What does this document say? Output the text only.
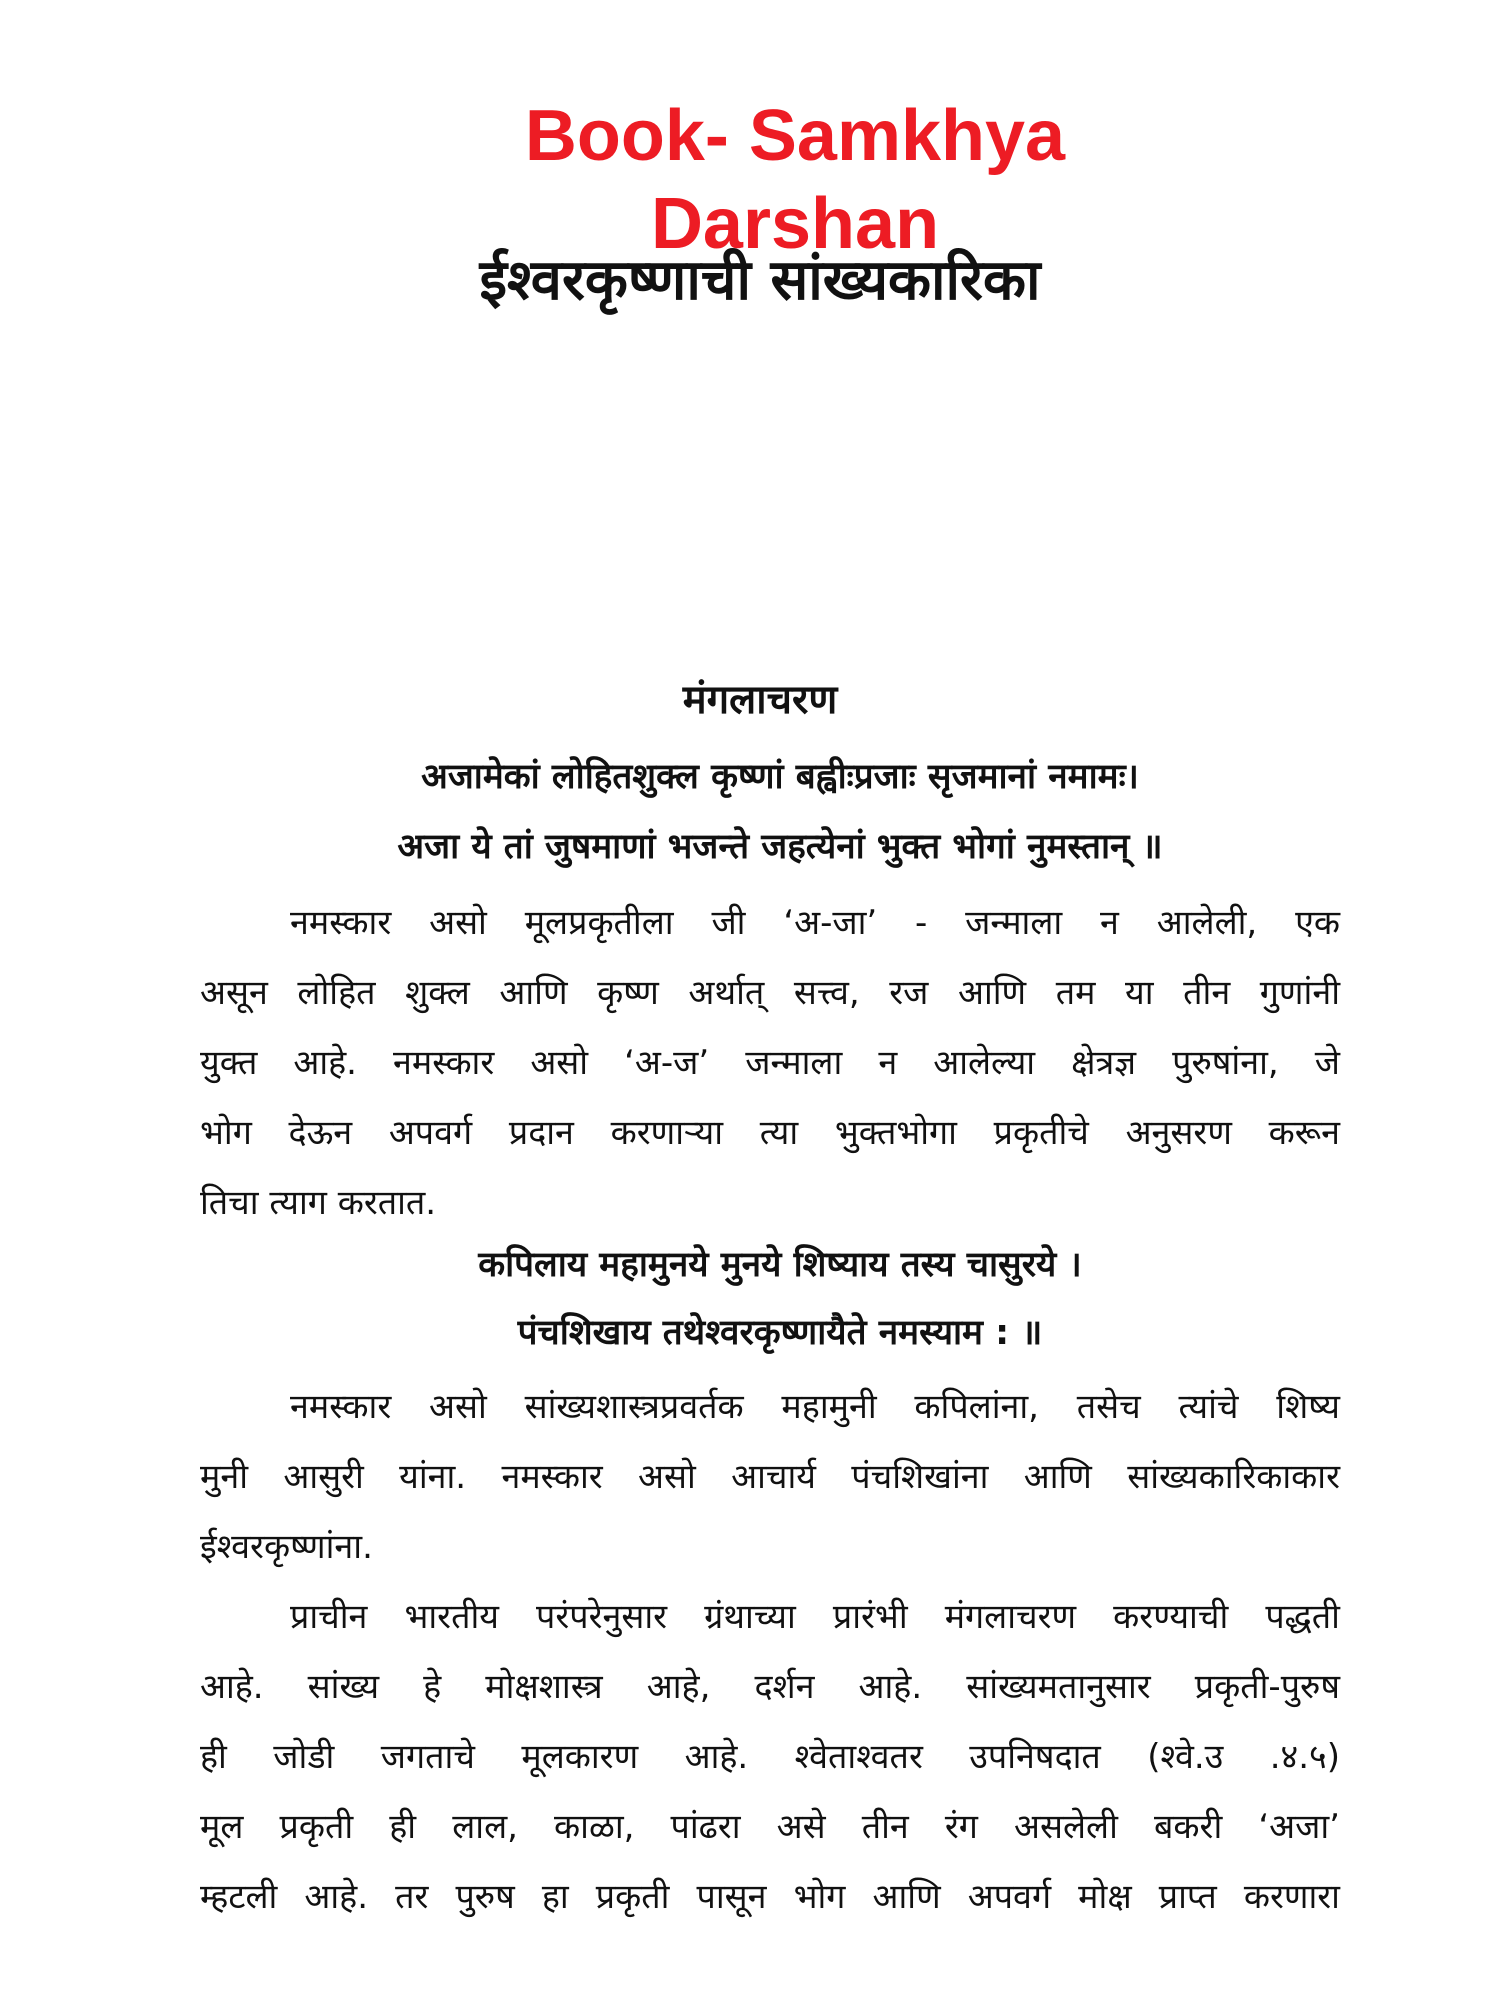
Book- Samkhya Darshan
ईश्वरकृष्णाची सांख्यकारिका
मंगलाचरण

अजामेकां लोहितशुक्ल कृष्णां बह्वीःप्रजाः सृजमानां नमामः।

अजा ये तां जुषमाणां भजन्ते जहत्येनां भुक्त भोगां नुमस्तान् ॥

नमस्कार असो मूलप्रकृतीला जी ‘अ-जा’ - जन्माला न आलेली, एक
असून लोहित शुक्ल आणि कृष्ण अर्थात् सत्त्व, रज आणि तम या तीन गुणांनी
युक्त आहे. नमस्कार असो ‘अ-ज’ जन्माला न आलेल्या क्षेत्रज्ञ पुरुषांना, जे
भोग देऊन अपवर्ग प्रदान करणाऱ्या त्या भुक्तभोगा प्रकृतीचे अनुसरण करून
तिचा त्याग करतात.

कपिलाय महामुनये मुनये शिष्याय तस्य चासुरये ।

पंचशिखाय तथेश्वरकृष्णायैते नमस्याम : ॥

नमस्कार असो सांख्यशास्त्रप्रवर्तक महामुनी कपिलांना, तसेच त्यांचे शिष्य
मुनी आसुरी यांना. नमस्कार असो आचार्य पंचशिखांना आणि सांख्यकारिकाकार
ईश्वरकृष्णांना.
प्राचीन भारतीय परंपरेनुसार ग्रंथाच्या प्रारंभी मंगलाचरण करण्याची पद्धती
आहे. सांख्य हे मोक्षशास्त्र आहे, दर्शन आहे. सांख्यमतानुसार प्रकृती-पुरुष
ही जोडी जगताचे मूलकारण आहे. श्वेताश्वतर उपनिषदात (श्वे.उ .४.५)
मूल प्रकृती ही लाल, काळा, पांढरा असे तीन रंग असलेली बकरी ‘अजा’
म्हटली आहे. तर पुरुष हा प्रकृती पासून भोग आणि अपवर्ग मोक्ष प्राप्त करणारा
